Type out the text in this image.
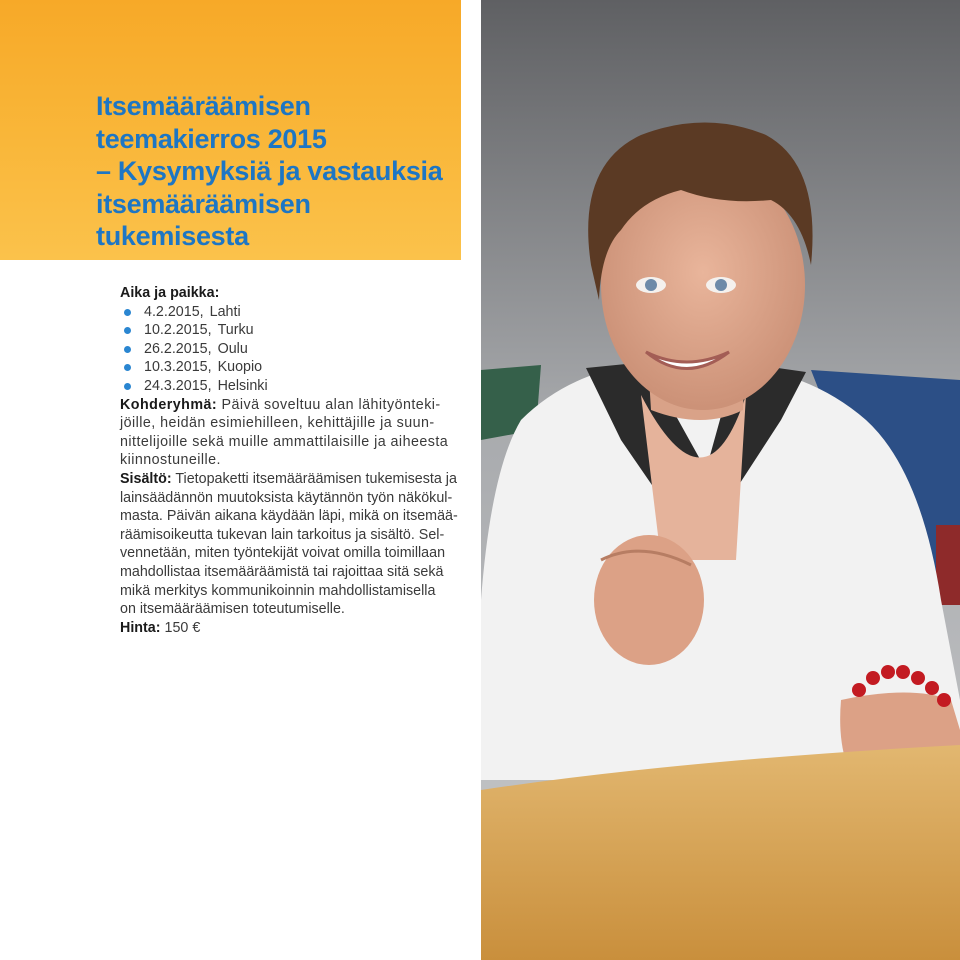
Itsemääräämisen
teemakierros 2015
– Kysymyksiä ja vastauksia
itsemääräämisen
tukemisesta
Aika ja paikka:
4.2.2015, Lahti
10.2.2015, Turku
26.2.2015, Oulu
10.3.2015, Kuopio
24.3.2015, Helsinki

Kohderyhmä: Päivä soveltuu alan lähityönteki-
jöille, heidän esimiehilleen, kehittäjille ja suun-
nittelijoille sekä muille ammattilaisille ja aiheesta
kiinnostuneille.

Sisältö: Tietopaketti itsemääräämisen tukemisesta ja
lainsäädännön muutoksista käytännön työn näkökul-
masta. Päivän aikana käydään läpi, mikä on itsemää-
räämisoikeutta tukevan lain tarkoitus ja sisältö. Sel-
vennetään, miten työntekijät voivat omilla toimillaan
mahdollistaa itsemääräämistä tai rajoittaa sitä sekä
mikä merkitys kommunikoinnin mahdollistamisella
on itsemääräämisen toteutumiselle.

Hinta: 150 €
